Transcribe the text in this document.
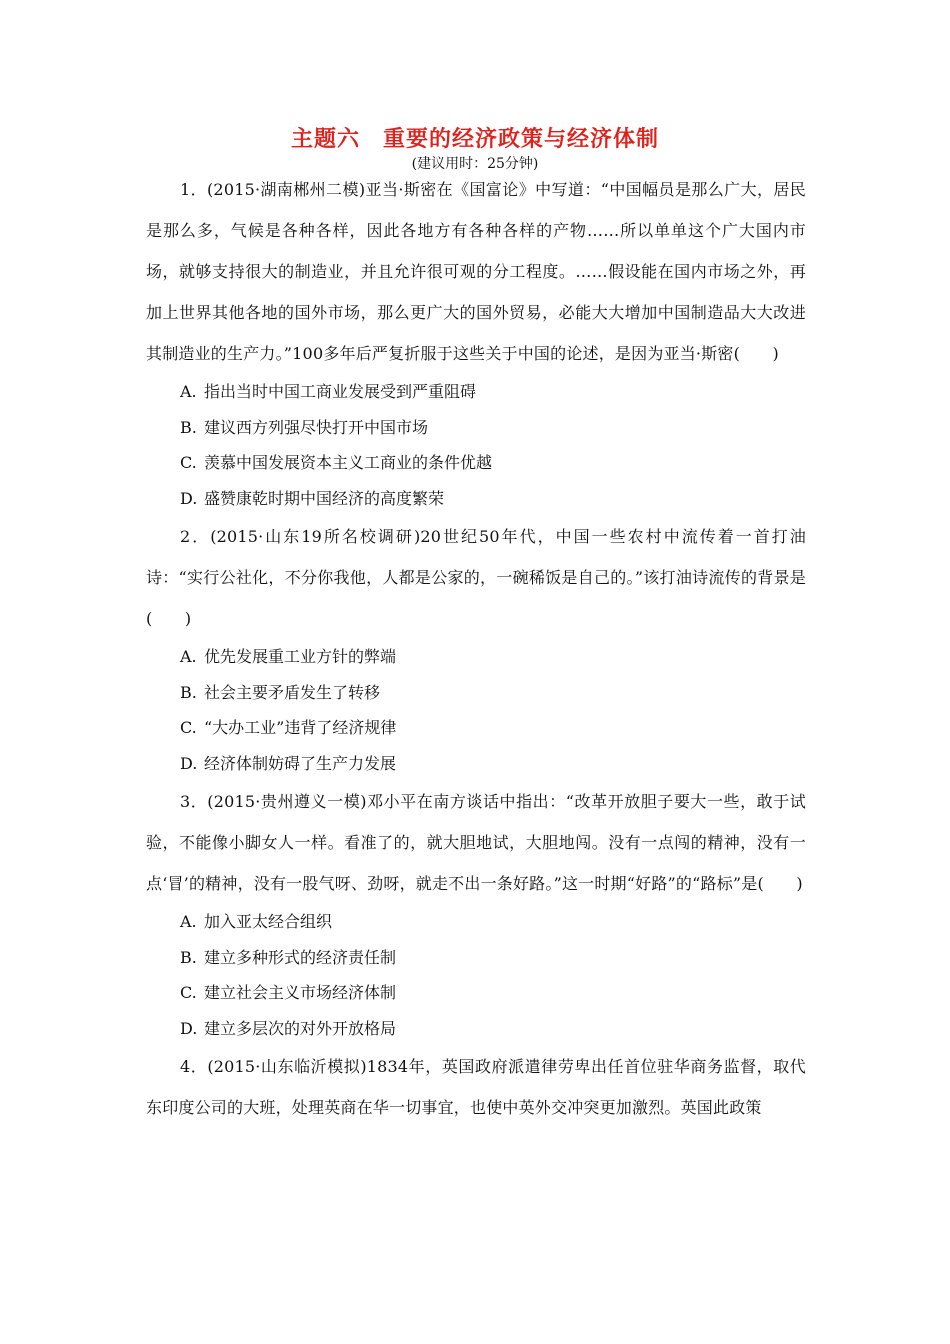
主题六　重要的经济政策与经济体制
(建议用时：25分钟)

1．(2015·湖南郴州二模)亚当·斯密在《国富论》中写道：“中国幅员是那么广大，居民是那么多，气候是各种各样，因此各地方有各种各样的产物……所以单单这个广大国内市场，就够支持很大的制造业，并且允许很可观的分工程度。……假设能在国内市场之外，再加上世界其他各地的国外市场，那么更广大的国外贸易，必能大大增加中国制造品大大改进其制造业的生产力。”100多年后严复折服于这些关于中国的论述，是因为亚当·斯密(　　)

A. 指出当时中国工商业发展受到严重阻碍
B. 建议西方列强尽快打开中国市场
C. 羡慕中国发展资本主义工商业的条件优越
D. 盛赞康乾时期中国经济的高度繁荣

2．(2015·山东19所名校调研)20世纪50年代，中国一些农村中流传着一首打油诗：“实行公社化，不分你我他，人都是公家的，一碗稀饭是自己的。”该打油诗流传的背景是(　　)

A. 优先发展重工业方针的弊端
B. 社会主要矛盾发生了转移
C. “大办工业”违背了经济规律
D. 经济体制妨碍了生产力发展

3．(2015·贵州遵义一模)邓小平在南方谈话中指出：“改革开放胆子要大一些，敢于试验，不能像小脚女人一样。看准了的，就大胆地试，大胆地闯。没有一点闯的精神，没有一点‘冒’的精神，没有一股气呀、劲呀，就走不出一条好路。”这一时期“好路”的“路标”是(　　)

A. 加入亚太经合组织
B. 建立多种形式的经济责任制
C. 建立社会主义市场经济体制
D. 建立多层次的对外开放格局

4．(2015·山东临沂模拟)1834年，英国政府派遣律劳卑出任首位驻华商务监督，取代东印度公司的大班，处理英商在华一切事宜，也使中英外交冲突更加激烈。英国此政策
